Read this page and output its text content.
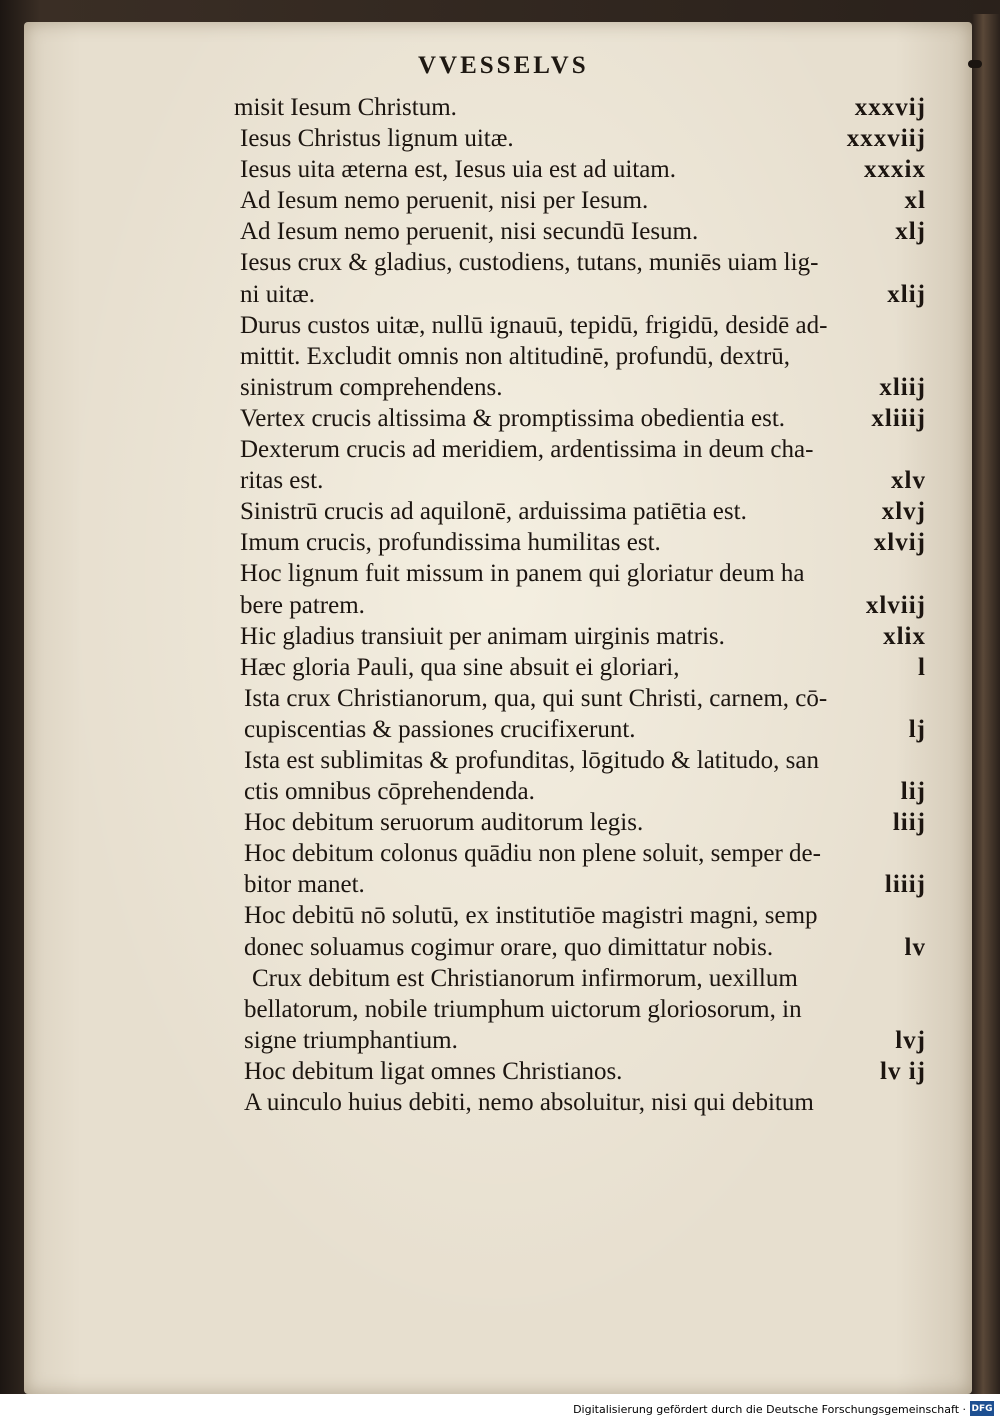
VVESSELVS
misit Iesum Christum.	xxxvij
Iesus Christus lignum uitæ.	xxxviij
Iesus uita æterna est, Iesus uia est ad uitam.	xxxix
Ad Iesum nemo peruenit, nisi per Iesum.	xl
Ad Iesum nemo peruenit, nisi secundū Iesum.	xlj
Iesus crux & gladius, custodiens, tutans, muniēs uiam lig-
ni uitæ.	xlij
Durus custos uitæ, nullū ignauū, tepidū, frigidū, desidē ad-
mittit. Excludit omnis non altitudinē, profundū, dextrū,
sinistrum comprehendens.	xliij
Vertex crucis altissima & promptissima obedientia est.	xliiij
Dexterum crucis ad meridiem, ardentissima in deum cha-
ritas est.	xlv
Sinistrū crucis ad aquilonē, arduissima patiētia est.	xlvj
Imum crucis, profundissima humilitas est.	xlvij
Hoc lignum fuit missum in panem qui gloriatur deum ha
bere patrem.	xlviij
Hic gladius transiuit per animam uirginis matris.	xlix
Hæc gloria Pauli, qua sine absuit ei gloriari,	l
Ista crux Christianorum, qua, qui sunt Christi, carnem, cō-
cupiscentias & passiones crucifixerunt.	lj
Ista est sublimitas & profunditas, lōgitudo & latitudo, san
ctis omnibus cōprehendenda.	lij
Hoc debitum seruorum auditorum legis.	liij
Hoc debitum colonus quādiu non plene soluit, semper de-
bitor manet.	liiij
Hoc debitū nō solutū, ex institutiōe magistri magni, semp
donec soluamus cogimur orare, quo dimittatur nobis.	lv
Crux debitum est Christianorum infirmorum, uexillum
bellatorum, nobile triumphum uictorum gloriosorum, in
signe triumphantium.	lvj
Hoc debitum ligat omnes Christianos.	lv ij
A uinculo huius debiti, nemo absoluitur, nisi qui debitum
Digitalisierung gefördert durch die Deutsche Forschungsgemeinschaft · DFG
